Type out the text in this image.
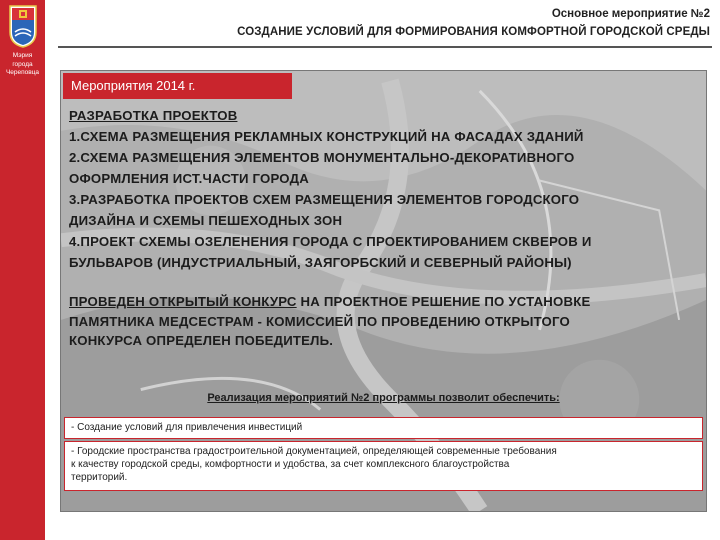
Мэрия
города
Череповца
Основное мероприятие №2
СОЗДАНИЕ УСЛОВИЙ ДЛЯ ФОРМИРОВАНИЯ КОМФОРТНОЙ ГОРОДСКОЙ СРЕДЫ
Мероприятия 2014 г.
РАЗРАБОТКА ПРОЕКТОВ
1.СХЕМА РАЗМЕЩЕНИЯ РЕКЛАМНЫХ КОНСТРУКЦИЙ НА ФАСАДАХ ЗДАНИЙ
2.СХЕМА РАЗМЕЩЕНИЯ ЭЛЕМЕНТОВ МОНУМЕНТАЛЬНО-ДЕКОРАТИВНОГО
ОФОРМЛЕНИЯ ИСТ.ЧАСТИ ГОРОДА
3.РАЗРАБОТКА ПРОЕКТОВ СХЕМ РАЗМЕЩЕНИЯ ЭЛЕМЕНТОВ ГОРОДСКОГО
ДИЗАЙНА И СХЕМЫ ПЕШЕХОДНЫХ ЗОН
4.ПРОЕКТ СХЕМЫ ОЗЕЛЕНЕНИЯ ГОРОДА С ПРОЕКТИРОВАНИЕМ СКВЕРОВ И
БУЛЬВАРОВ (ИНДУСТРИАЛЬНЫЙ, ЗАЯГОРБСКИЙ И СЕВЕРНЫЙ РАЙОНЫ)
ПРОВЕДЕН ОТКРЫТЫЙ КОНКУРС НА ПРОЕКТНОЕ РЕШЕНИЕ ПО УСТАНОВКЕ
ПАМЯТНИКА МЕДСЕСТРАМ - КОМИССИЕЙ ПО ПРОВЕДЕНИЮ ОТКРЫТОГО
КОНКУРСА ОПРЕДЕЛЕН ПОБЕДИТЕЛЬ.
Реализация мероприятий №2 программы позволит обеспечить:
- Создание условий для привлечения инвестиций
- Городские пространства градостроительной документацией, определяющей современные требования
к качеству городской среды, комфортности и удобства, за счет комплексного благоустройства
территорий.
